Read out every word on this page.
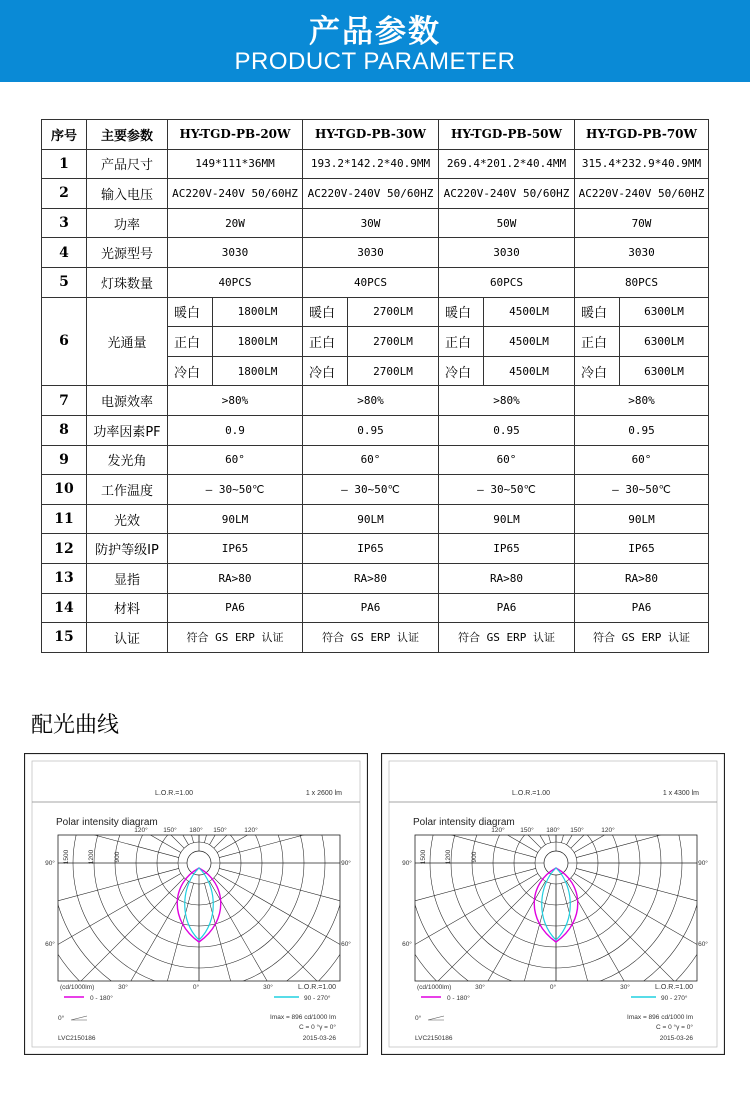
产品参数
PRODUCT PARAMETER
序号	主要参数	HY-TGD-PB-20W		HY-TGD-PB-30W		HY-TGD-PB-50W		HY-TGD-PB-70W	
1	产品尺寸	149*111*36MM		193.2*142.2*40.9MM		269.4*201.2*40.4MM		315.4*232.9*40.9MM	
2	输入电压	AC220V-240V 50/60HZ		AC220V-240V 50/60HZ		AC220V-240V 50/60HZ		AC220V-240V 50/60HZ	
3	功率	20W		30W		50W		70W	
4	光源型号	3030		3030		3030		3030	
5	灯珠数量	40PCS		40PCS		60PCS		80PCS	
6	光通量	暖白	1800LM	暖白	2700LM	暖白	4500LM	暖白	6300LM
		正白	1800LM	正白	2700LM	正白	4500LM	正白	6300LM
		冷白	1800LM	冷白	2700LM	冷白	4500LM	冷白	6300LM
7	电源效率	>80%		>80%		>80%		>80%	
8	功率因素PF	0.9		0.95		0.95		0.95	
9	发光角	60°		60°		60°		60°	
10	工作温度	— 30~50℃		— 30~50℃		— 30~50℃		— 30~50℃	
11	光效	90LM		90LM		90LM		90LM	
12	防护等级IP	IP65		IP65		IP65		IP65	
13	显指	RA>80		RA>80		RA>80		RA>80	
14	材料	PA6		PA6		PA6		PA6	
15	认证	符合 GS ERP 认证		符合 GS ERP 认证		符合 GS ERP 认证		符合 GS ERP 认证	
配光曲线
L.O.R.=1.00	1 x 2600 lm
Polar intensity diagram
120° 150° 180° 150°	120°
90°	90°
60°	60°
1500	1200	900
(cd/1000lm)	30°	0°	30°	L.O.R.=1.00
0 - 180°	90 - 270°
0°	Imax = 896 cd/1000 lm
C = 0 °γ = 0°
LVC2150186	2015-03-26
L.O.R.=1.00	1 x 4300 lm
Polar intensity diagram
120° 150° 180° 150°	120°
90°	90°
60°	60°
1500	1200	900
(cd/1000lm)	30°	0°	30°	L.O.R.=1.00
0 - 180°	90 - 270°
0°	Imax = 896 cd/1000 lm
C = 0 °γ = 0°
LVC2150186	2015-03-26
